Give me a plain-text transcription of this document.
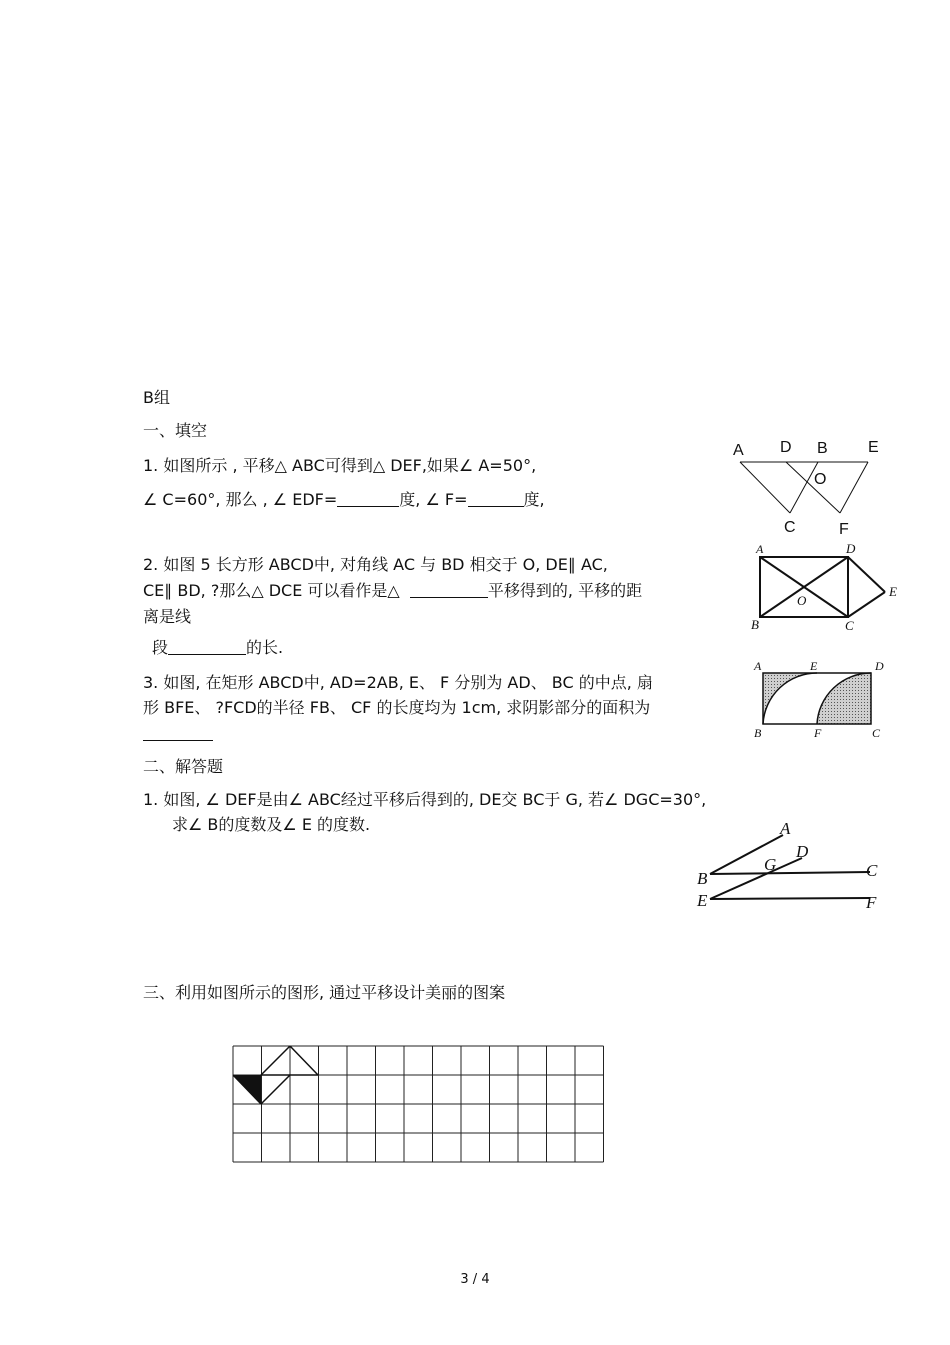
B组
一、填空
1. 如图所示 , 平移△ ABC可得到△ DEF,如果∠ A=50°,
∠ C=60°, 那么 , ∠ EDF=	度, ∠ F=	度,
2. 如图 5 长方形 ABCD中, 对角线 AC 与 BD 相交于 O, DE∥ AC,
CE∥ BD, ?那么△ DCE 可以看作是△	平移得到的, 平移的距
离是线
段	的长.
3. 如图, 在矩形 ABCD中, AD=2AB, E、 F 分别为 AD、 BC 的中点, 扇
形 BFE、 ?FCD的半径 FB、 CF 的长度均为 1cm, 求阴影部分的面积为
二、解答题
1. 如图, ∠ DEF是由∠ ABC经过平移后得到的, DE交 BC于 G, 若∠ DGC=30°,
求∠ B的度数及∠ E 的度数.
三、利用如图所示的图形, 通过平移设计美丽的图案
A D B	E
O
C	F
A	D
E
O
B	C
A	E	D
B	F	C
A
D
G	C
B
E	F
3 / 4
